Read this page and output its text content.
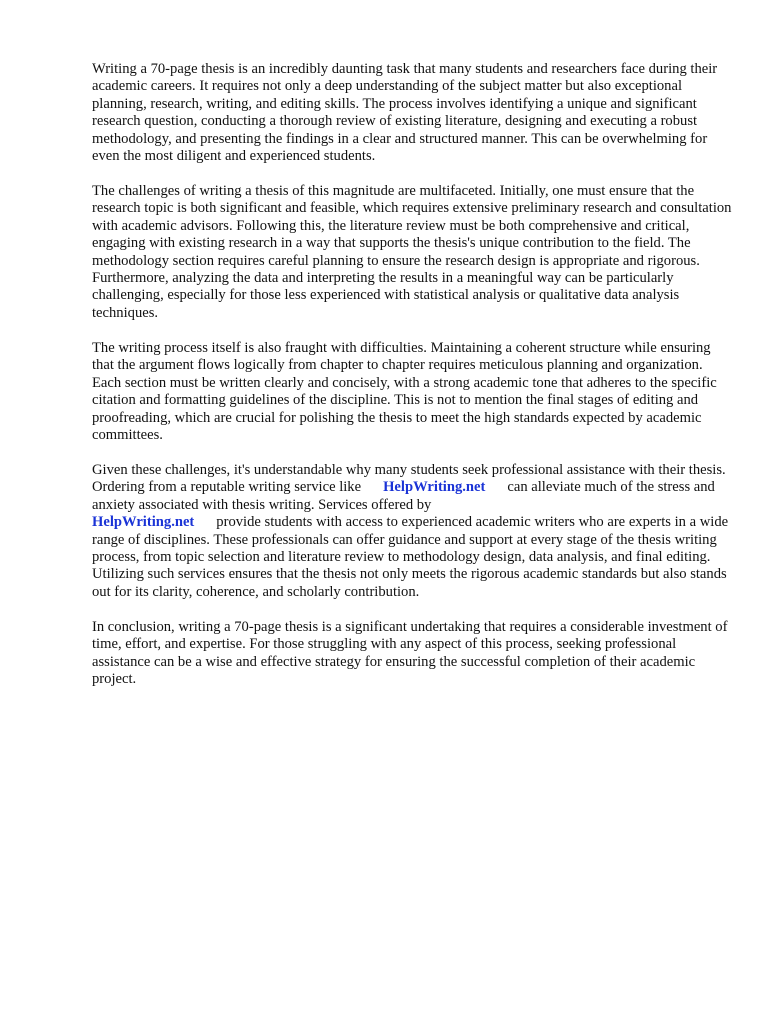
Writing a 70-page thesis is an incredibly daunting task that many students and researchers face during their academic careers. It requires not only a deep understanding of the subject matter but also exceptional planning, research, writing, and editing skills. The process involves identifying a unique and significant research question, conducting a thorough review of existing literature, designing and executing a robust methodology, and presenting the findings in a clear and structured manner. This can be overwhelming for even the most diligent and experienced students.

The challenges of writing a thesis of this magnitude are multifaceted. Initially, one must ensure that the research topic is both significant and feasible, which requires extensive preliminary research and consultation with academic advisors. Following this, the literature review must be both comprehensive and critical, engaging with existing research in a way that supports the thesis's unique contribution to the field. The methodology section requires careful planning to ensure the research design is appropriate and rigorous. Furthermore, analyzing the data and interpreting the results in a meaningful way can be particularly challenging, especially for those less experienced with statistical analysis or qualitative data analysis techniques.

The writing process itself is also fraught with difficulties. Maintaining a coherent structure while ensuring that the argument flows logically from chapter to chapter requires meticulous planning and organization. Each section must be written clearly and concisely, with a strong academic tone that adheres to the specific citation and formatting guidelines of the discipline. This is not to mention the final stages of editing and proofreading, which are crucial for polishing the thesis to meet the high standards expected by academic committees.

Given these challenges, it's understandable why many students seek professional assistance with their thesis. Ordering from a reputable writing service like HelpWriting.net can alleviate much of the stress and anxiety associated with thesis writing. Services offered by
HelpWriting.net provide students with access to experienced academic writers who are experts in a wide range of disciplines. These professionals can offer guidance and support at every stage of the thesis writing process, from topic selection and literature review to methodology design, data analysis, and final editing. Utilizing such services ensures that the thesis not only meets the rigorous academic standards but also stands out for its clarity, coherence, and scholarly contribution.

In conclusion, writing a 70-page thesis is a significant undertaking that requires a considerable investment of time, effort, and expertise. For those struggling with any aspect of this process, seeking professional assistance can be a wise and effective strategy for ensuring the successful completion of their academic project.
